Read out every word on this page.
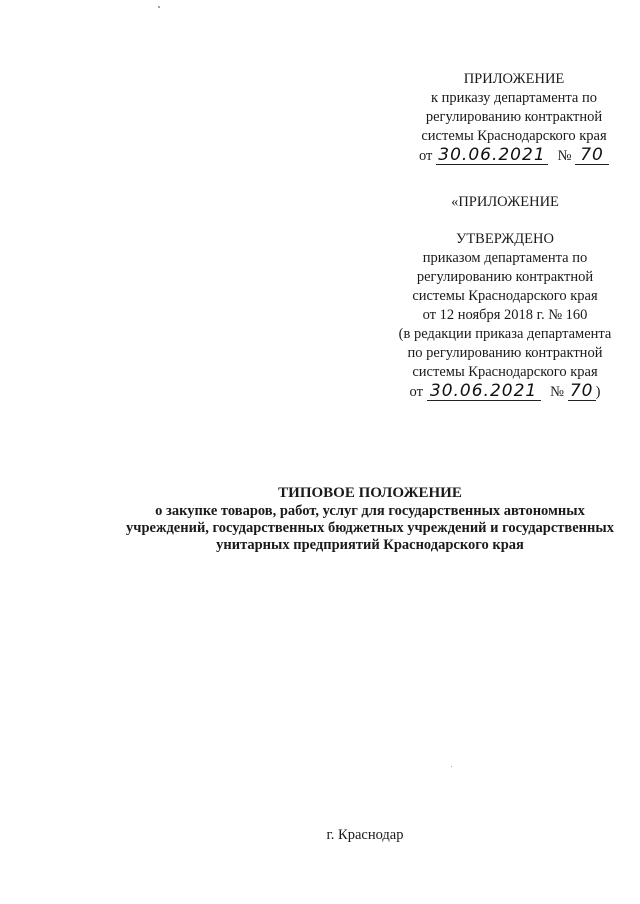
ПРИЛОЖЕНИЕ
к приказу департамента по
регулированию контрактной
системы Краснодарского края
от 30.06.2021 № 70
«ПРИЛОЖЕНИЕ
УТВЕРЖДЕНО
приказом департамента по
регулированию контрактной
системы Краснодарского края
от 12 ноября 2018 г. № 160
(в редакции приказа департамента
по регулированию контрактной
системы Краснодарского края
от 30.06.2021 № 70 )
ТИПОВОЕ ПОЛОЖЕНИЕ
о закупке товаров, работ, услуг для государственных автономных
учреждений, государственных бюджетных учреждений и государственных
унитарных предприятий Краснодарского края
г. Краснодар
